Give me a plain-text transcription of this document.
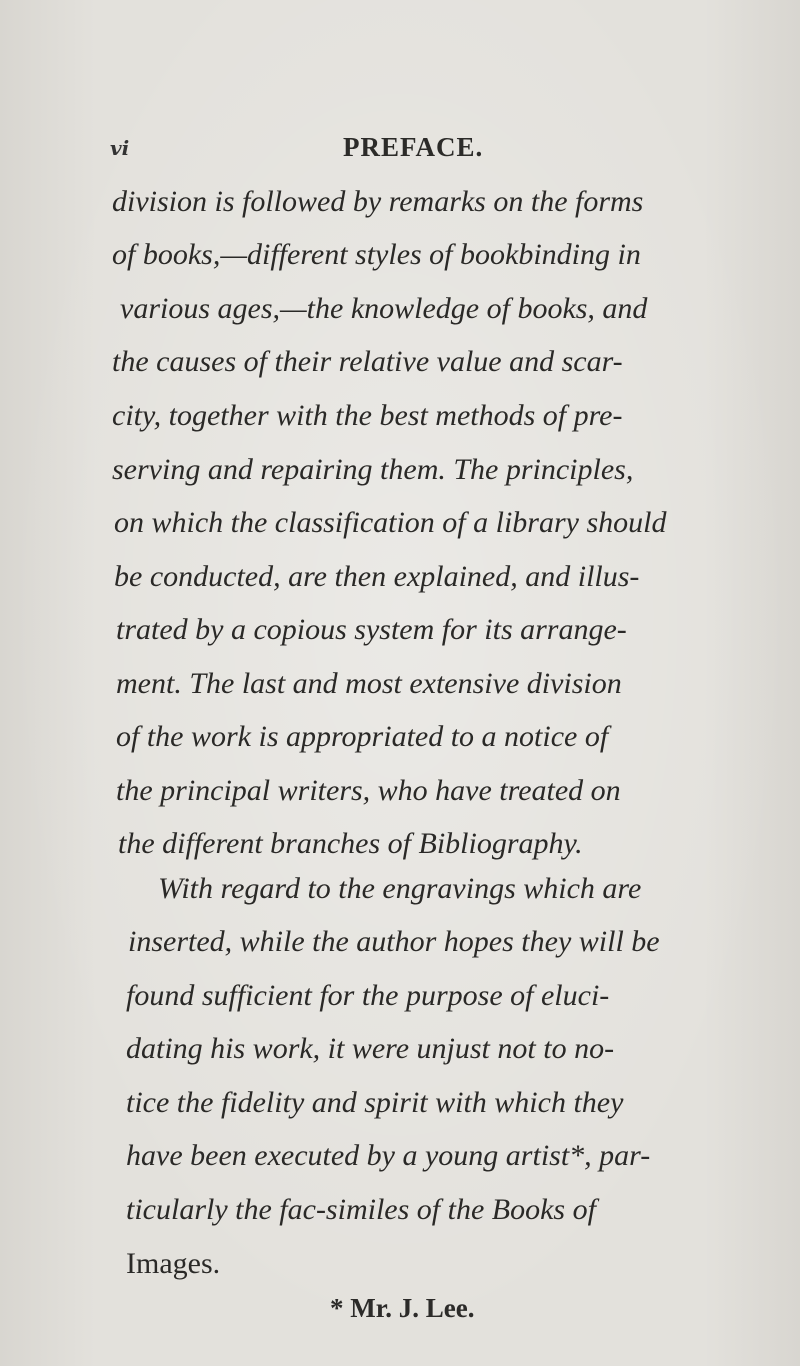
vi	PREFACE.
division is followed by remarks on the forms
of books,—different styles of bookbinding in
various ages,—the knowledge of books, and
the causes of their relative value and scar-
city, together with the best methods of pre-
serving and repairing them. The principles,
on which the classification of a library should
be conducted, are then explained, and illus-
trated by a copious system for its arrange-
ment. The last and most extensive division
of the work is appropriated to a notice of
the principal writers, who have treated on
the different branches of Bibliography.
With regard to the engravings which are
inserted, while the author hopes they will be
found sufficient for the purpose of eluci-
dating his work, it were unjust not to no-
tice the fidelity and spirit with which they
have been executed by a young artist*, par-
ticularly the fac-similes of the Books of
Images.
* Mr. J. Lee.
